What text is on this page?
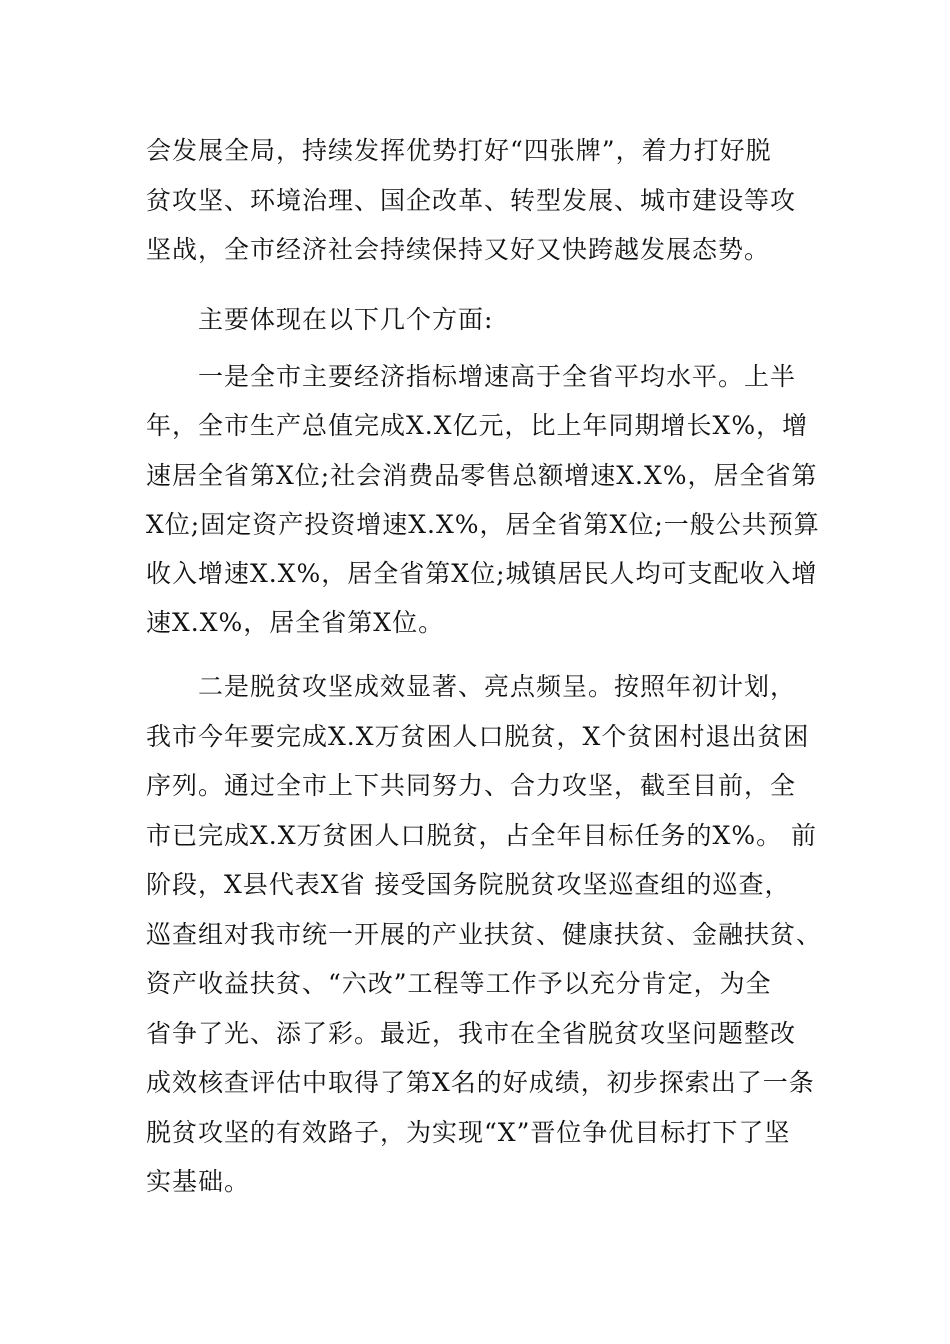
会发展全局，持续发挥优势打好“四张牌”，着力打好脱
贫攻坚、环境治理、国企改革、转型发展、城市建设等攻
坚战，全市经济社会持续保持又好又快跨越发展态势。
主要体现在以下几个方面:
一是全市主要经济指标增速高于全省平均水平。上半
年，全市生产总值完成X.X亿元，比上年同期增长X%，增
速居全省第X位;社会消费品零售总额增速X.X%，居全省第
X位;固定资产投资增速X.X%，居全省第X位;一般公共预算
收入增速X.X%，居全省第X位;城镇居民人均可支配收入增
速X.X%，居全省第X位。
二是脱贫攻坚成效显著、亮点频呈。按照年初计划，
我市今年要完成X.X万贫困人口脱贫，X个贫困村退出贫困
序列。通过全市上下共同努力、合力攻坚，截至目前，全
市已完成X.X万贫困人口脱贫，占全年目标任务的X%。 前
阶段，X县代表X省 接受国务院脱贫攻坚巡查组的巡查，
巡查组对我市统一开展的产业扶贫、健康扶贫、金融扶贫、
资产收益扶贫、“六改”工程等工作予以充分肯定，为全
省争了光、添了彩。最近，我市在全省脱贫攻坚问题整改
成效核查评估中取得了第X名的好成绩，初步探索出了一条
脱贫攻坚的有效路子，为实现“X”晋位争优目标打下了坚
实基础。
